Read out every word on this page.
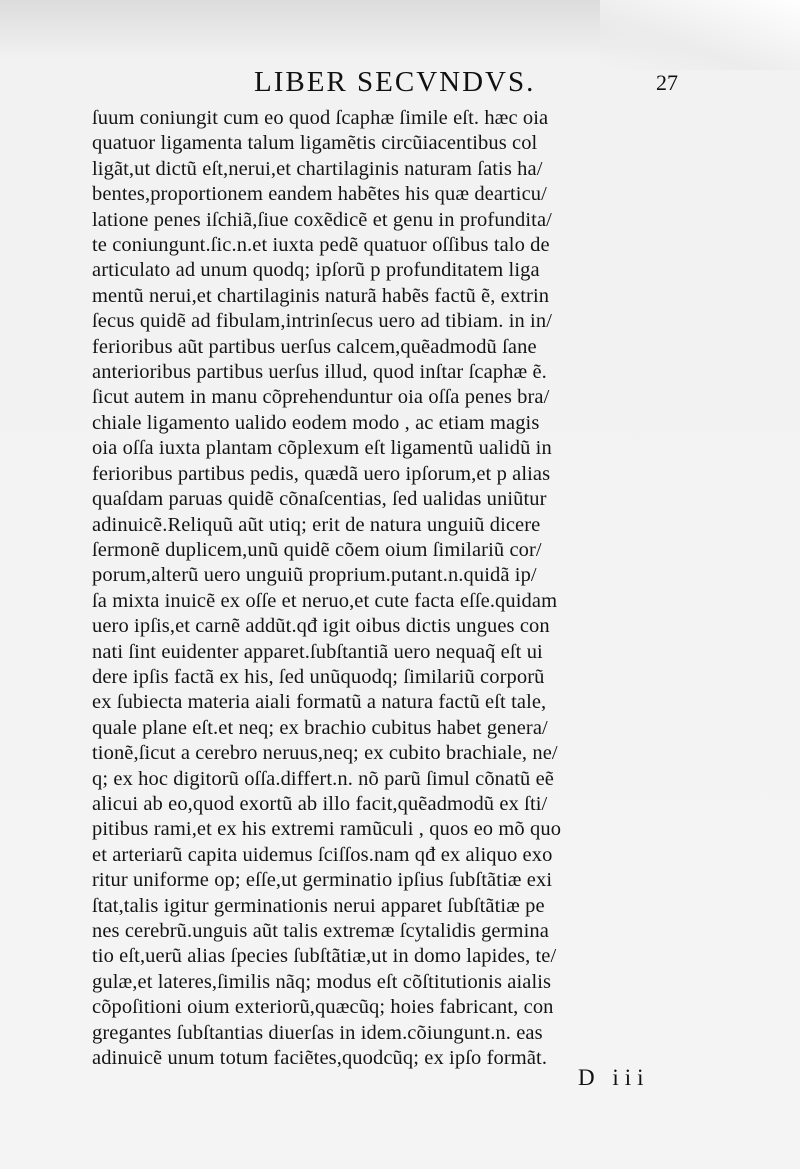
LIBER SECVNDVS.	27
ſuum coniungit cum eo quod ſcaphæ ſimile eſt. hæc oia
quatuor ligamenta talum ligamẽtis circũiacentibus col
ligãt,ut dictũ eſt,nerui,et chartilaginis naturam ſatis ha/
bentes,proportionem eandem habẽtes his quæ dearticu/
latione penes iſchiã,ſiue coxẽdicẽ et genu in profundita/
te coniungunt.ſic.n.et iuxta pedẽ quatuor oſſibus talo de
articulato ad unum quodq; ipſorũ p profunditatem liga
mentũ nerui,et chartilaginis naturã habẽs factũ ẽ, extrin
ſecus quidẽ ad fibulam,intrinſecus uero ad tibiam. in in/
ferioribus aũt partibus uerſus calcem,quẽadmodũ ſane
anterioribus partibus uerſus illud, quod inſtar ſcaphæ ẽ.
ſicut autem in manu cõprehenduntur oia oſſa penes bra/
chiale ligamento ualido eodem modo , ac etiam magis
oia oſſa iuxta plantam cõplexum eſt ligamentũ ualidũ in
ferioribus partibus pedis, quædã uero ipſorum,et p alias
quaſdam paruas quidẽ cõnaſcentias, ſed ualidas uniũtur
adinuicẽ.Reliquũ aũt utiq; erit de natura unguiũ dicere
ſermonẽ duplicem,unũ quidẽ cõem oium ſimilariũ cor/
porum,alterũ uero unguiũ proprium.putant.n.quidã ip/
ſa mixta inuicẽ ex oſſe et neruo,et cute facta eſſe.quidam
uero ipſis,et carnẽ addũt.qđ igit oibus dictis ungues con
nati ſint euidenter apparet.ſubſtantiã uero nequaq̃ eſt ui
dere ipſis factã ex his, ſed unũquodq; ſimilariũ corporũ
ex ſubiecta materia aiali formatũ a natura factũ eſt tale,
quale plane eſt.et neq; ex brachio cubitus habet genera/
tionẽ,ſicut a cerebro neruus,neq; ex cubito brachiale, ne/
q; ex hoc digitorũ oſſa.differt.n. nõ parũ ſimul cõnatũ eẽ
alicui ab eo,quod exortũ ab illo facit,quẽadmodũ ex ſti/
pitibus rami,et ex his extremi ramũculi , quos eo mõ quo
et arteriarũ capita uidemus ſciſſos.nam qđ ex aliquo exo
ritur uniforme op; eſſe,ut germinatio ipſius ſubſtãtiæ exi
ſtat,talis igitur germinationis nerui apparet ſubſtãtiæ pe
nes cerebrũ.unguis aũt talis extremæ ſcytalidis germina
tio eſt,uerũ alias ſpecies ſubſtãtiæ,ut in domo lapides, te/
gulæ,et lateres,ſimilis nãq; modus eſt cõſtitutionis aialis
cõpoſitioni oium exteriorũ,quæcũq; hoies fabricant, con
gregantes ſubſtantias diuerſas in idem.cõiungunt.n. eas
adinuicẽ unum totum faciẽtes,quodcũq; ex ipſo formãt.
D iii
